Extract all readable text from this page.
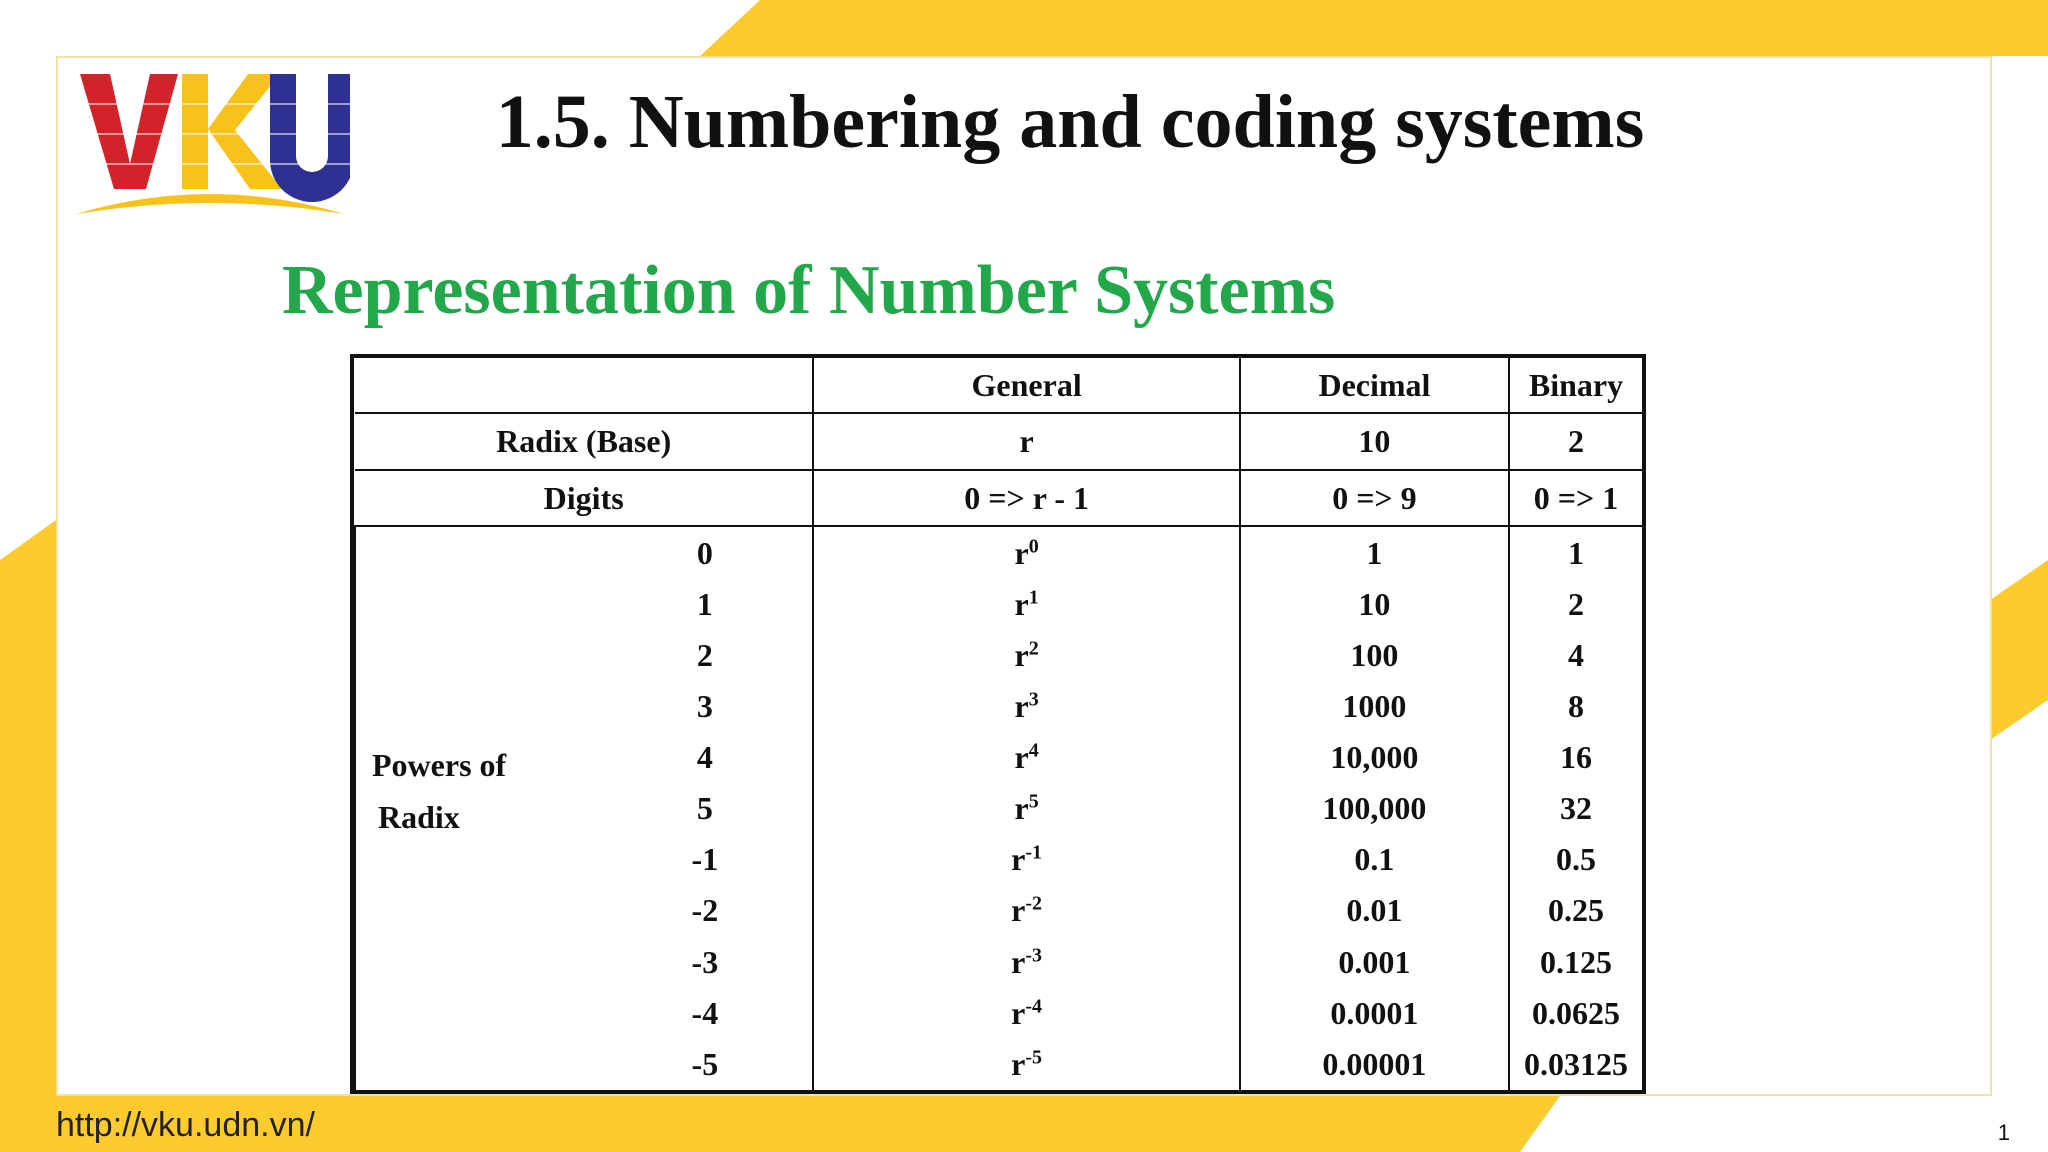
1.5. Numbering and coding systems
Representation of Number Systems
		General	Decimal	Binary
Radix (Base)		r	10	2
Digits		0 => r - 1	0 => 9	0 => 1

Powers of
Radix	0	$r^0$	1	1
	1	$r^1$	10	2
	2	$r^2$	100	4
	3	$r^3$	1000	8
	4	$r^4$	10,000	16
	5	$r^5$	100,000	32
	-1	$r^{-1}$	0.1	0.5
	-2	$r^{-2}$	0.01	0.25
	-3	$r^{-3}$	0.001	0.125
	-4	$r^{-4}$	0.0001	0.0625
	-5	$r^{-5}$	0.00001	0.03125
http://vku.udn.vn/	1
